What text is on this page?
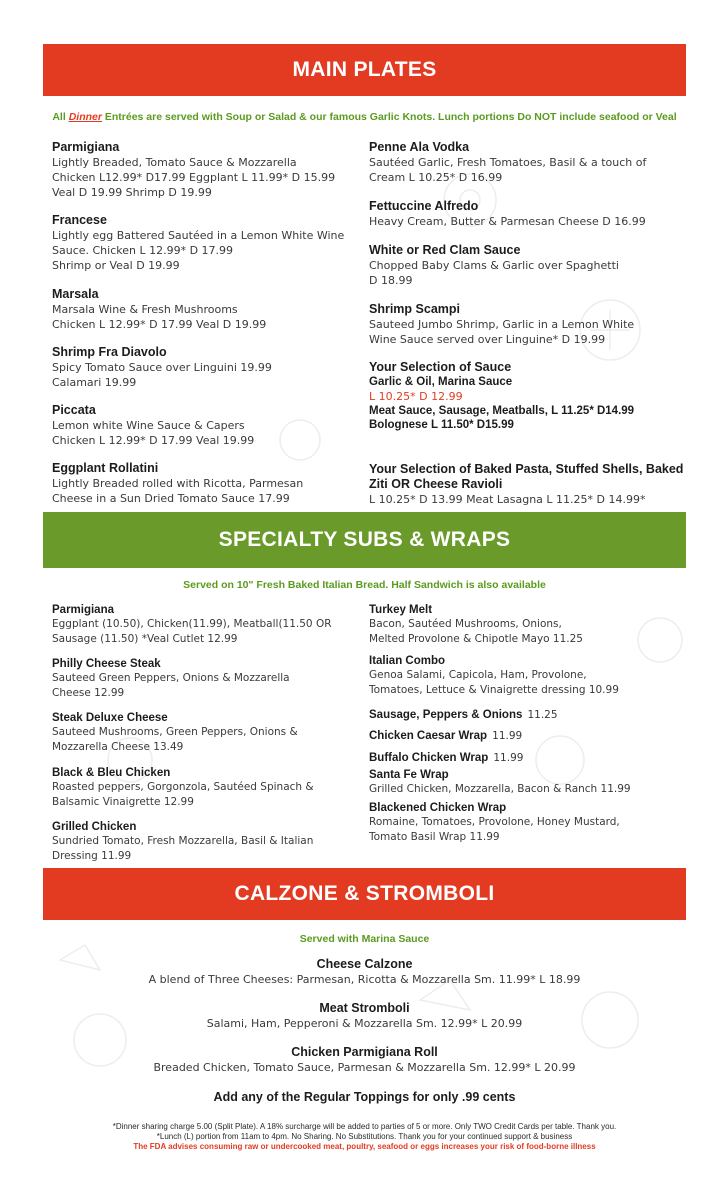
MAIN PLATES
All Dinner Entrées are served with Soup or Salad & our famous Garlic Knots. Lunch portions Do NOT include seafood or Veal
Parmigiana
Lightly Breaded, Tomato Sauce & Mozzarella
Chicken L12.99* D17.99 Eggplant L 11.99* D 15.99
Veal D 19.99 Shrimp D 19.99
Francese
Lightly egg Battered Sautéed in a Lemon White Wine
Sauce. Chicken L 12.99* D 17.99
Shrimp or Veal D 19.99
Marsala
Marsala Wine & Fresh Mushrooms
Chicken L 12.99* D 17.99 Veal D 19.99
Shrimp Fra Diavolo
Spicy Tomato Sauce over Linguini 19.99
Calamari 19.99
Piccata
Lemon white Wine Sauce & Capers
Chicken L 12.99* D 17.99 Veal 19.99
Eggplant Rollatini
Lightly Breaded rolled with Ricotta, Parmesan
Cheese in a Sun Dried Tomato Sauce 17.99
Penne Ala Vodka
Sautéed Garlic, Fresh Tomatoes, Basil & a touch of
Cream L 10.25* D 16.99
Fettuccine Alfredo
Heavy Cream, Butter & Parmesan Cheese D 16.99
White or Red Clam Sauce
Chopped Baby Clams & Garlic over Spaghetti
D 18.99
Shrimp Scampi
Sauteed Jumbo Shrimp, Garlic in a Lemon White
Wine Sauce served over Linguine* D 19.99
Your Selection of Sauce
Garlic & Oil, Marina Sauce
L 10.25* D 12.99
Meat Sauce, Sausage, Meatballs, L 11.25* D14.99
Bolognese L 11.50* D15.99
Your Selection of Baked Pasta, Stuffed Shells, Baked Ziti OR Cheese Ravioli
L 10.25* D 13.99 Meat Lasagna L 11.25* D 14.99*
SPECIALTY SUBS & WRAPS
Served on 10" Fresh Baked Italian Bread. Half Sandwich is also available
Parmigiana
Eggplant (10.50), Chicken(11.99), Meatball(11.50 OR
Sausage (11.50) *Veal Cutlet 12.99
Philly Cheese Steak
Sauteed Green Peppers, Onions & Mozzarella
Cheese 12.99
Steak Deluxe Cheese
Sauteed Mushrooms, Green Peppers, Onions &
Mozzarella Cheese 13.49
Black & Bleu Chicken
Roasted peppers, Gorgonzola, Sautéed Spinach &
Balsamic Vinaigrette 12.99
Grilled Chicken
Sundried Tomato, Fresh Mozzarella, Basil & Italian
Dressing 11.99
Turkey Melt
Bacon, Sautéed Mushrooms, Onions,
Melted Provolone & Chipotle Mayo 11.25
Italian Combo
Genoa Salami, Capicola, Ham, Provolone,
Tomatoes, Lettuce & Vinaigrette dressing 10.99
Sausage, Peppers & Onions 11.25
Chicken Caesar Wrap 11.99
Buffalo Chicken Wrap 11.99
Santa Fe Wrap
Grilled Chicken, Mozzarella, Bacon & Ranch 11.99
Blackened Chicken Wrap
Romaine, Tomatoes, Provolone, Honey Mustard,
Tomato Basil Wrap 11.99
CALZONE & STROMBOLI
Served with Marina Sauce
Cheese Calzone
A blend of Three Cheeses: Parmesan, Ricotta & Mozzarella Sm. 11.99* L 18.99
Meat Stromboli
Salami, Ham, Pepperoni & Mozzarella Sm. 12.99* L 20.99
Chicken Parmigiana Roll
Breaded Chicken, Tomato Sauce, Parmesan & Mozzarella Sm. 12.99* L 20.99
Add any of the Regular Toppings for only .99 cents
*Dinner sharing charge 5.00 (Split Plate). A 18% surcharge will be added to parties of 5 or more. Only TWO Credit Cards per table. Thank you.
*Lunch (L) portion from 11am to 4pm. No Sharing. No Substitutions. Thank you for your continued support & business
The FDA advises consuming raw or undercooked meat, poultry, seafood or eggs increases your risk of food-borne illness
